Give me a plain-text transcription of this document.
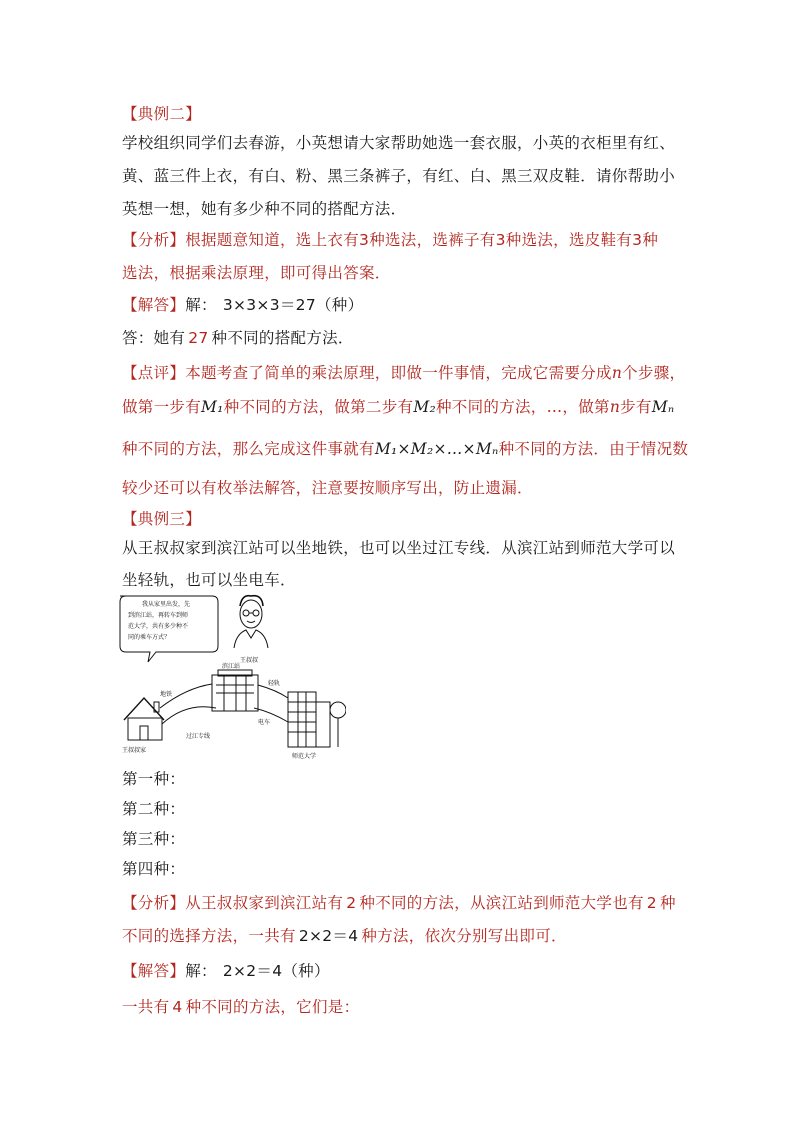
【典例二】
学校组织同学们去春游，小英想请大家帮助她选一套衣服，小英的衣柜里有红、
黄、蓝三件上衣，有白、粉、黑三条裤子，有红、白、黑三双皮鞋．请你帮助小
英想一想，她有多少种不同的搭配方法．
【分析】根据题意知道，选上衣有3种选法，选裤子有3种选法，选皮鞋有3种
选法，根据乘法原理，即可得出答案．
【解答】解： 3×3×3＝27（种）
答：她有 27 种不同的搭配方法．
【点评】本题考查了简单的乘法原理，即做一件事情，完成它需要分成n个步骤，
做第一步有M₁种不同的方法，做第二步有M₂种不同的方法，…，做第n步有Mₙ
种不同的方法，那么完成这件事就有M₁×M₂×…×Mₙ种不同的方法．由于情况数
较少还可以有枚举法解答，注意要按顺序写出，防止遗漏．
【典例三】
从王叔叔家到滨江站可以坐地铁，也可以坐过江专线．从滨江站到师范大学可以
坐轻轨，也可以坐电车．
我从家里出发，先
到滨江站，再转车到师
范大学，共有多少种不
同的乘车方式？
王叔叔
滨江站
王叔叔家
师范大学
地铁
过江专线
轻轨
电车
第一种：
第二种：
第三种：
第四种：
【分析】从王叔叔家到滨江站有 2 种不同的方法，从滨江站到师范大学也有 2 种
不同的选择方法，一共有 2×2＝4 种方法，依次分别写出即可．
【解答】解： 2×2＝4（种）
一共有 4 种不同的方法，它们是：
